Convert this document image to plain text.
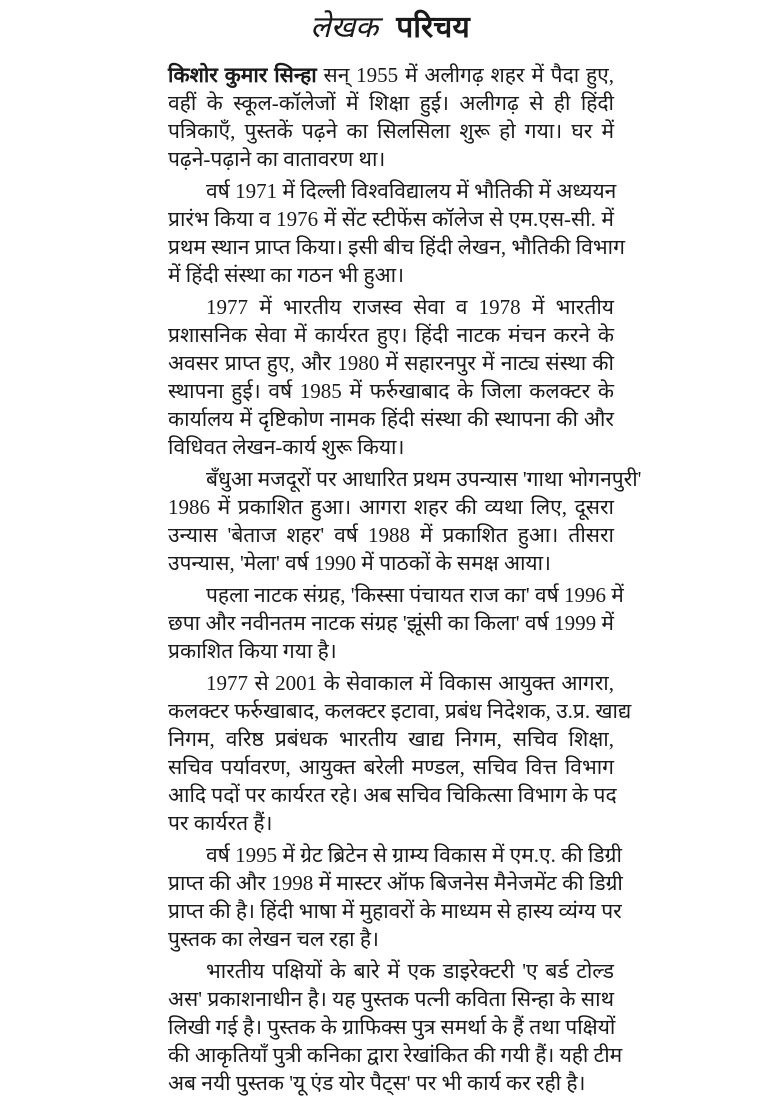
लेखक परिचय
किशोर कुमार सिन्हा सन् 1955 में अलीगढ़ शहर में पैदा हुए,
वहीं के स्कूल-कॉलेजों में शिक्षा हुई। अलीगढ़ से ही हिंदी
पत्रिकाएँ, पुस्तकें पढ़ने का सिलसिला शुरू हो गया। घर में
पढ़ने-पढ़ाने का वातावरण था।
वर्ष 1971 में दिल्ली विश्वविद्यालय में भौतिकी में अध्ययन
प्रारंभ किया व 1976 में सेंट स्टीफेंस कॉलेज से एम.एस-सी. में
प्रथम स्थान प्राप्त किया। इसी बीच हिंदी लेखन, भौतिकी विभाग
में हिंदी संस्था का गठन भी हुआ।
1977 में भारतीय राजस्व सेवा व 1978 में भारतीय
प्रशासनिक सेवा में कार्यरत हुए। हिंदी नाटक मंचन करने के
अवसर प्राप्त हुए, और 1980 में सहारनपुर में नाट्य संस्था की
स्थापना हुई। वर्ष 1985 में फर्रुखाबाद के जिला कलक्टर के
कार्यालय में दृष्टिकोण नामक हिंदी संस्था की स्थापना की और
विधिवत लेखन-कार्य शुरू किया।
बँधुआ मजदूरों पर आधारित प्रथम उपन्यास 'गाथा भोगनपुरी'
1986 में प्रकाशित हुआ। आगरा शहर की व्यथा लिए, दूसरा
उन्यास 'बेताज शहर' वर्ष 1988 में प्रकाशित हुआ। तीसरा
उपन्यास, 'मेला' वर्ष 1990 में पाठकों के समक्ष आया।
पहला नाटक संग्रह, 'किस्सा पंचायत राज का' वर्ष 1996 में
छपा और नवीनतम नाटक संग्रह 'झूंसी का किला' वर्ष 1999 में
प्रकाशित किया गया है।
1977 से 2001 के सेवाकाल में विकास आयुक्त आगरा,
कलक्टर फर्रुखाबाद, कलक्टर इटावा, प्रबंध निदेशक, उ.प्र. खाद्य
निगम, वरिष्ठ प्रबंधक भारतीय खाद्य निगम, सचिव शिक्षा,
सचिव पर्यावरण, आयुक्त बरेली मण्डल, सचिव वित्त विभाग
आदि पदों पर कार्यरत रहे। अब सचिव चिकित्सा विभाग के पद
पर कार्यरत हैं।
वर्ष 1995 में ग्रेट ब्रिटेन से ग्राम्य विकास में एम.ए. की डिग्री
प्राप्त की और 1998 में मास्टर ऑफ बिजनेस मैनेजमेंट की डिग्री
प्राप्त की है। हिंदी भाषा में मुहावरों के माध्यम से हास्य व्यंग्य पर
पुस्तक का लेखन चल रहा है।
भारतीय पक्षियों के बारे में एक डाइरेक्टरी 'ए बर्ड टोल्ड
अस' प्रकाशनाधीन है। यह पुस्तक पत्नी कविता सिन्हा के साथ
लिखी गई है। पुस्तक के ग्राफिक्स पुत्र समर्था के हैं तथा पक्षियों
की आकृतियाँ पुत्री कनिका द्वारा रेखांकित की गयी हैं। यही टीम
अब नयी पुस्तक 'यू एंड योर पैट्स' पर भी कार्य कर रही है।
